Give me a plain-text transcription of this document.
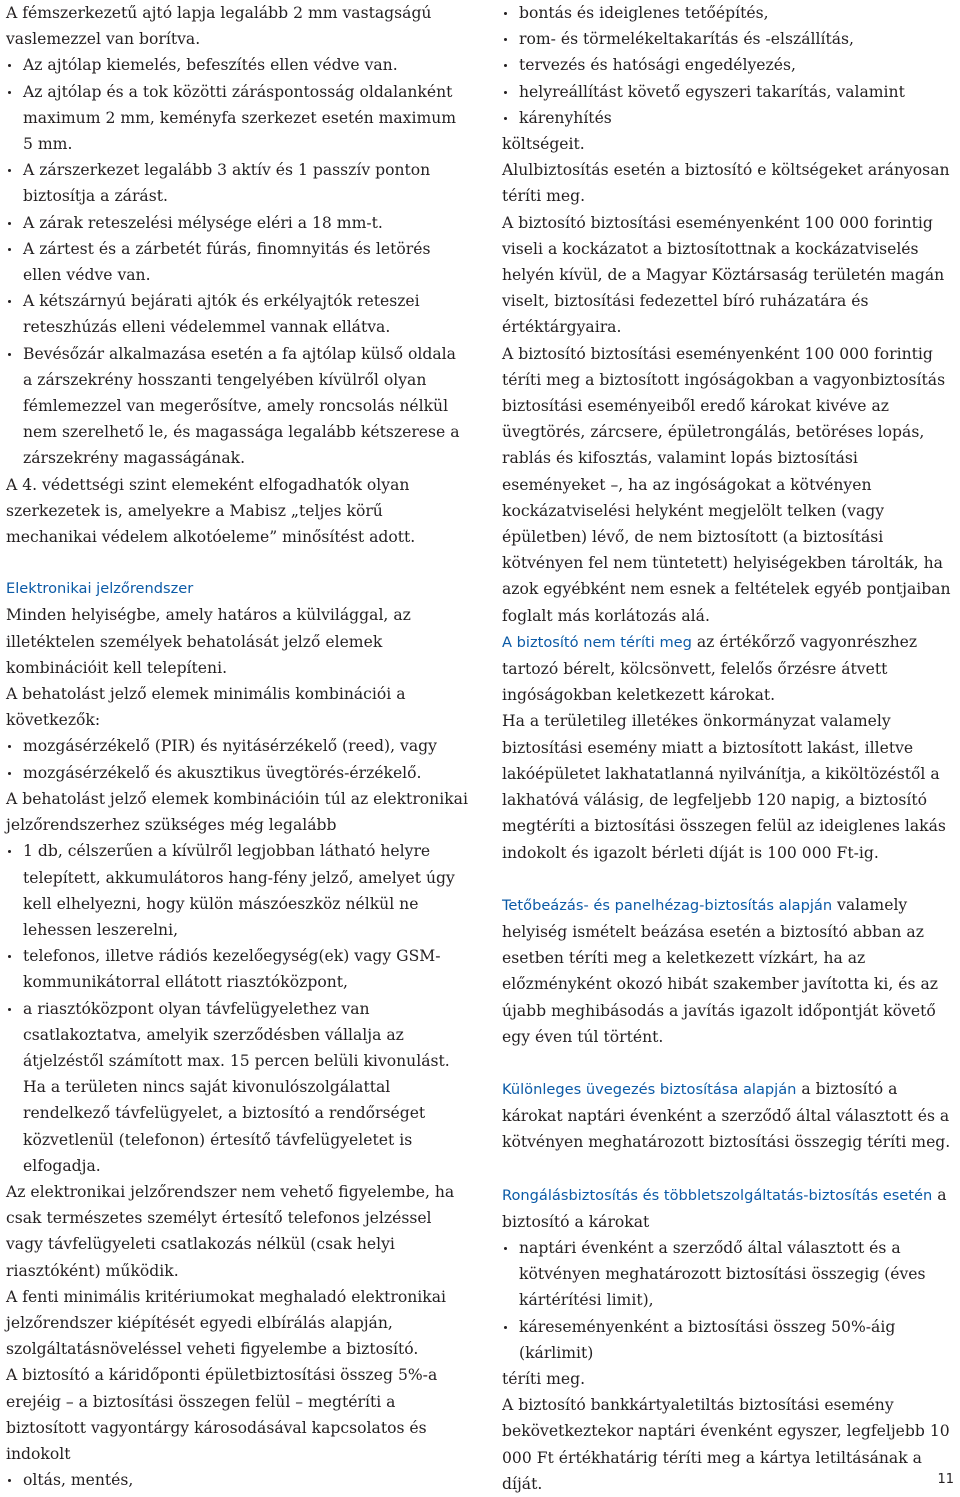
A fémszerkezetű ajtó lapja legalább 2 mm vastagságú vaslemezzel van borítva.

Az ajtólap kiemelés, befeszítés ellen védve van.
Az ajtólap és a tok közötti záráspontosság oldalanként maximum 2 mm, keményfa szerkezet esetén maximum 5 mm.
A zárszerkezet legalább 3 aktív és 1 passzív ponton biztosítja a zárást.
A zárak reteszelési mélysége eléri a 18 mm-t.
A zártest és a zárbetét fúrás, finomnyitás és letörés ellen védve van.
A kétszárnyú bejárati ajtók és erkélyajtók reteszei reteszhúzás elleni védelemmel vannak ellátva.
Bevésőzár alkalmazása esetén a fa ajtólap külső oldala a zárszekrény hosszanti tengelyében kívülről olyan fémlemezzel van megerősítve, amely roncsolás nélkül nem szerelhető le, és magassága legalább kétszerese a zárszekrény magasságának.

A 4. védettségi szint elemeként elfogadhatók olyan szerkezetek is, amelyekre a Mabisz „teljes körű mechanikai védelem alkotóeleme” minősítést adott.

Elektronikai jelzőrendszer

Minden helyiségbe, amely határos a külvilággal, az illetéktelen személyek behatolását jelző elemek kombinációit kell telepíteni.

A behatolást jelző elemek minimális kombinációi a következők:

mozgásérzékelő (PIR) és nyitásérzékelő (reed), vagy
mozgásérzékelő és akusztikus üvegtörés-érzékelő.

A behatolást jelző elemek kombinációin túl az elektronikai jelzőrendszerhez szükséges még legalább

1 db, célszerűen a kívülről legjobban látható helyre telepített, akkumulátoros hang-fény jelző, amelyet úgy kell elhelyezni, hogy külön mászóeszköz nélkül ne lehessen leszerelni,
telefonos, illetve rádiós kezelőegység(ek) vagy GSM-kommunikátorral ellátott riasztóközpont,
a riasztóközpont olyan távfelügyelethez van csatlakoztatva, amelyik szerződésben vállalja az átjelzéstől számított max. 15 percen belüli kivonulást.

Ha a területen nincs saját kivonulószolgálattal rendelkező távfelügyelet, a biztosító a rendőrséget közvetlenül (telefonon) értesítő távfelügyeletet is elfogadja.

Az elektronikai jelzőrendszer nem vehető figyelembe, ha csak természetes személyt értesítő telefonos jelzéssel vagy távfelügyeleti csatlakozás nélkül (csak helyi riasztóként) működik.

A fenti minimális kritériumokat meghaladó elektronikai jelzőrendszer kiépítését egyedi elbírálás alapján, szolgáltatásnöveléssel veheti figyelembe a biztosító.

A biztosító a káridőponti épületbiztosítási összeg 5%-a erejéig – a biztosítási összegen felül – megtéríti a biztosított vagyontárgy károsodásával kapcsolatos és indokolt

oltás, mentés,
bontás és ideiglenes tetőépítés,
rom- és törmelékeltakarítás és -elszállítás,
tervezés és hatósági engedélyezés,
helyreállítást követő egyszeri takarítás, valamint
kárenyhítés

költségeit.

Alulbiztosítás esetén a biztosító e költségeket arányosan téríti meg.

A biztosító biztosítási eseményenként 100 000 forintig viseli a kockázatot a biztosítottnak a kockázatviselés helyén kívül, de a Magyar Köztársaság területén magán viselt, biztosítási fedezettel bíró ruházatára és értéktárgyaira.

A biztosító biztosítási eseményenként 100 000 forintig téríti meg a biztosított ingóságokban a vagyonbiztosítás biztosítási eseményeiből eredő károkat kivéve az üvegtörés, zárcsere, épületrongálás, betöréses lopás, rablás és kifosztás, valamint lopás biztosítási eseményeket –, ha az ingóságokat a kötvényen kockázatviselési helyként megjelölt telken (vagy épületben) lévő, de nem biztosított (a biztosítási kötvényen fel nem tüntetett) helyiségekben tárolták, ha azok egyébként nem esnek a feltételek egyéb pontjaiban foglalt más korlátozás alá.

A biztosító nem téríti meg az értékőrző vagyonrészhez tartozó bérelt, kölcsönvett, felelős őrzésre átvett ingóságokban keletkezett károkat.

Ha a területileg illetékes önkormányzat valamely biztosítási esemény miatt a biztosított lakást, illetve lakóépületet lakhatatlanná nyilvánítja, a kiköltözéstől a lakhatóvá válásig, de legfeljebb 120 napig, a biztosító megtéríti a biztosítási összegen felül az ideiglenes lakás indokolt és igazolt bérleti díját is 100 000 Ft-ig.

Tetőbeázás- és panelhézag-biztosítás alapján valamely helyiség ismételt beázása esetén a biztosító abban az esetben téríti meg a keletkezett vízkárt, ha az előzményként okozó hibát szakember javította ki, és az újabb meghibásodás a javítás igazolt időpontját követő egy éven túl történt.

Különleges üvegezés biztosítása alapján a biztosító a károkat naptári évenként a szerződő által választott és a kötvényen meghatározott biztosítási összegig téríti meg.

Rongálásbiztosítás és többletszolgáltatás-biztosítás esetén a biztosító a károkat

naptári évenként a szerződő által választott és a kötvényen meghatározott biztosítási összegig (éves kártérítési limit),
káreseményenként a biztosítási összeg 50%-áig (kárlimit)

téríti meg.

A biztosító bankkártyaletiltás biztosítási esemény bekövetkeztekor naptári évenként egyszer, legfeljebb 10 000 Ft értékhatárig téríti meg a kártya letiltásának a díját.	11
